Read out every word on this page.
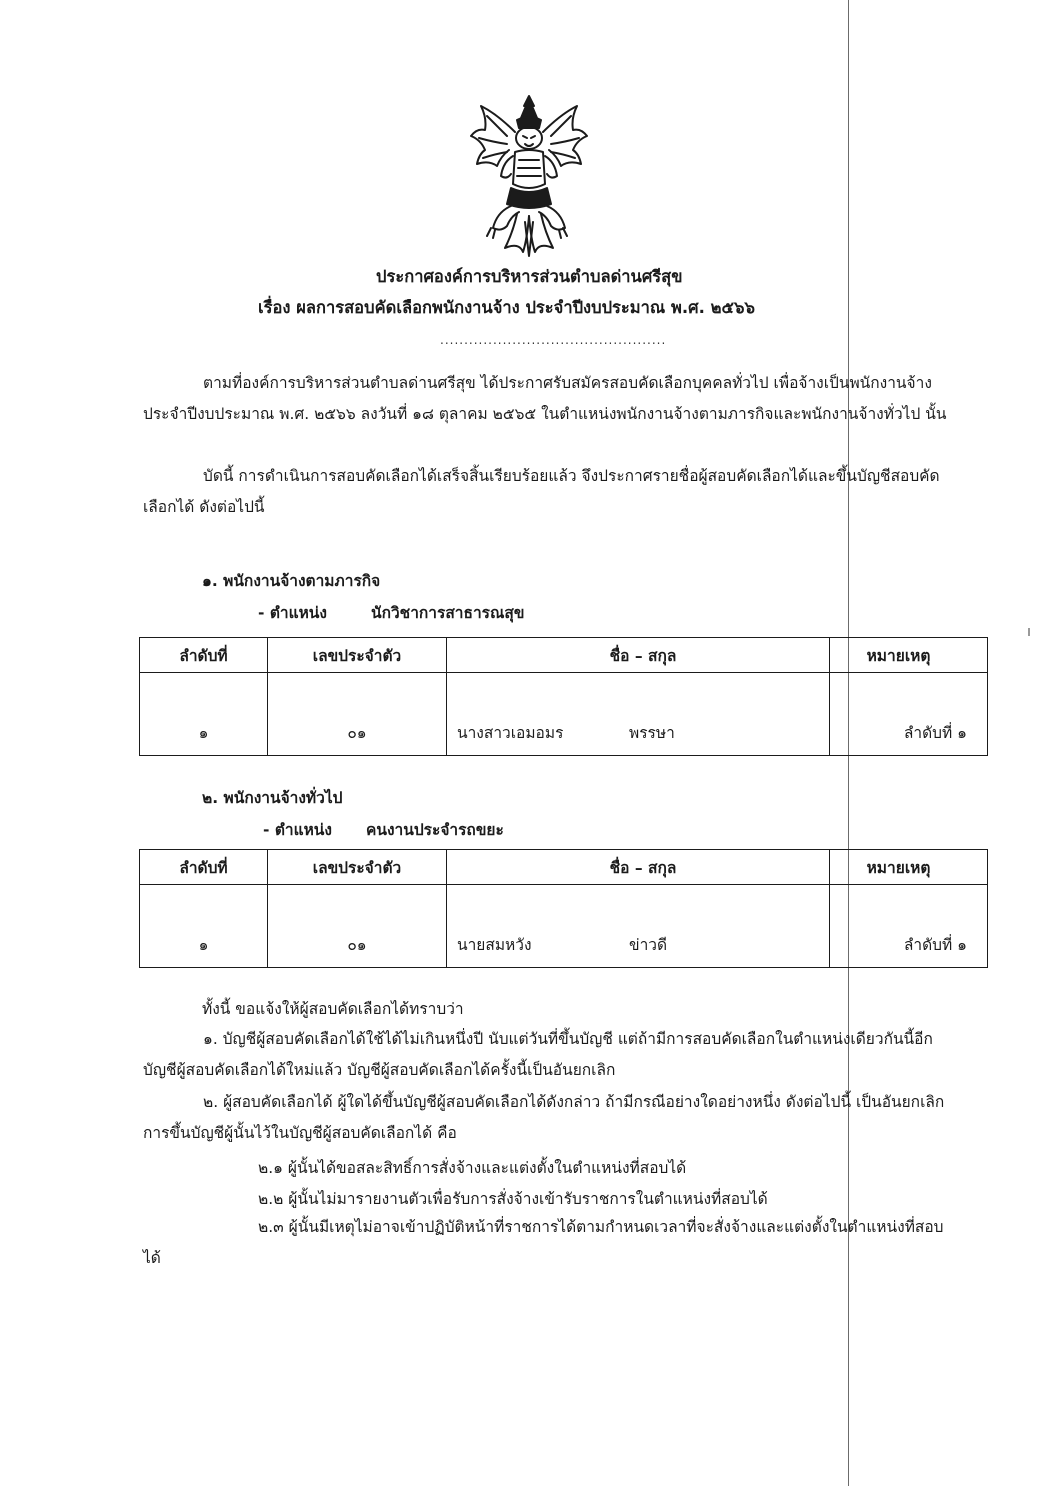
ประกาศองค์การบริหารส่วนตำบลด่านศรีสุข
เรื่อง ผลการสอบคัดเลือกพนักงานจ้าง ประจำปีงบประมาณ พ.ศ. ๒๕๖๖
...............................................
ตามที่องค์การบริหารส่วนตำบลด่านศรีสุข ได้ประกาศรับสมัครสอบคัดเลือกบุคคลทั่วไป เพื่อจ้างเป็นพนักงานจ้าง ประจำปีงบประมาณ พ.ศ. ๒๕๖๖ ลงวันที่ ๑๘ ตุลาคม ๒๕๖๕ ในตำแหน่งพนักงานจ้างตามภารกิจและพนักงานจ้างทั่วไป นั้น
บัดนี้ การดำเนินการสอบคัดเลือกได้เสร็จสิ้นเรียบร้อยแล้ว จึงประกาศรายชื่อผู้สอบคัดเลือกได้และขึ้นบัญชีสอบคัดเลือกได้ ดังต่อไปนี้
๑. พนักงานจ้างตามภารกิจ
- ตำแหน่ง	นักวิชาการสาธารณสุข
ลำดับที่	เลขประจำตัว	ชื่อ – สกุล	หมายเหตุ
๑	๐๑	นางสาวเอมอมร พรรษา	ลำดับที่ ๑
๒. พนักงานจ้างทั่วไป
- ตำแหน่ง คนงานประจำรถขยะ
ลำดับที่	เลขประจำตัว	ชื่อ – สกุล	หมายเหตุ
๑	๐๑	นายสมหวัง ข่าวดี	ลำดับที่ ๑
ทั้งนี้ ขอแจ้งให้ผู้สอบคัดเลือกได้ทราบว่า
๑. บัญชีผู้สอบคัดเลือกได้ใช้ได้ไม่เกินหนึ่งปี นับแต่วันที่ขึ้นบัญชี แต่ถ้ามีการสอบคัดเลือกในตำแหน่งเดียวกันนี้อีกบัญชีผู้สอบคัดเลือกได้ใหม่แล้ว บัญชีผู้สอบคัดเลือกได้ครั้งนี้เป็นอันยกเลิก
๒. ผู้สอบคัดเลือกได้ ผู้ใดได้ขึ้นบัญชีผู้สอบคัดเลือกได้ดังกล่าว ถ้ามีกรณีอย่างใดอย่างหนึ่ง ดังต่อไปนี้ เป็นอันยกเลิกการขึ้นบัญชีผู้นั้นไว้ในบัญชีผู้สอบคัดเลือกได้ คือ
๒.๑ ผู้นั้นได้ขอสละสิทธิ์การสั่งจ้างและแต่งตั้งในตำแหน่งที่สอบได้
๒.๒ ผู้นั้นไม่มารายงานตัวเพื่อรับการสั่งจ้างเข้ารับราชการในตำแหน่งที่สอบได้
๒.๓ ผู้นั้นมีเหตุไม่อาจเข้าปฏิบัติหน้าที่ราชการได้ตามกำหนดเวลาที่จะสั่งจ้างและแต่งตั้งในตำแหน่งที่สอบได้
